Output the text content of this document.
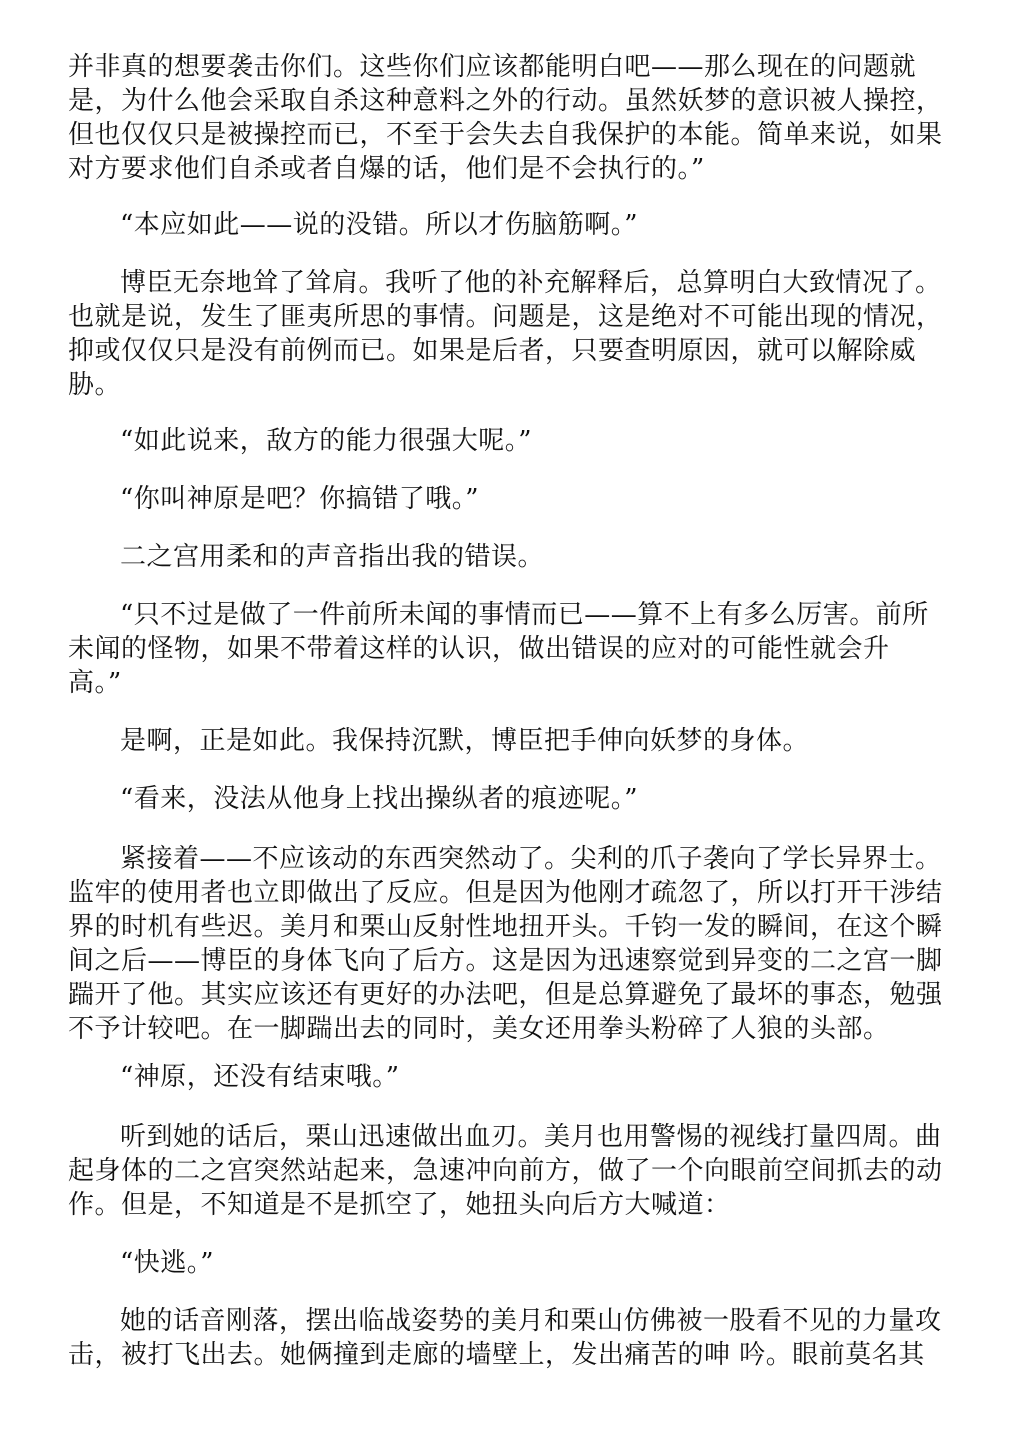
并非真的想要袭击你们。这些你们应该都能明白吧——那么现在的问题就
是，为什么他会采取自杀这种意料之外的行动。虽然妖梦的意识被人操控，
但也仅仅只是被操控而已，不至于会失去自我保护的本能。简单来说，如果
对方要求他们自杀或者自爆的话，他们是不会执行的。”
“本应如此——说的没错。所以才伤脑筋啊。”
博臣无奈地耸了耸肩。我听了他的补充解释后，总算明白大致情况了。
也就是说，发生了匪夷所思的事情。问题是，这是绝对不可能出现的情况，
抑或仅仅只是没有前例而已。如果是后者，只要查明原因，就可以解除威
胁。
“如此说来，敌方的能力很强大呢。”
“你叫神原是吧？你搞错了哦。”
二之宫用柔和的声音指出我的错误。
“只不过是做了一件前所未闻的事情而已——算不上有多么厉害。前所
未闻的怪物，如果不带着这样的认识，做出错误的应对的可能性就会升
高。”
是啊，正是如此。我保持沉默，博臣把手伸向妖梦的身体。
“看来，没法从他身上找出操纵者的痕迹呢。”
紧接着——不应该动的东西突然动了。尖利的爪子袭向了学长异界士。
监牢的使用者也立即做出了反应。但是因为他刚才疏忽了，所以打开干涉结
界的时机有些迟。美月和栗山反射性地扭开头。千钧一发的瞬间，在这个瞬
间之后——博臣的身体飞向了后方。这是因为迅速察觉到异变的二之宫一脚
踹开了他。其实应该还有更好的办法吧，但是总算避免了最坏的事态，勉强
不予计较吧。在一脚踹出去的同时，美女还用拳头粉碎了人狼的头部。
“神原，还没有结束哦。”
听到她的话后，栗山迅速做出血刃。美月也用警惕的视线打量四周。曲
起身体的二之宫突然站起来，急速冲向前方，做了一个向眼前空间抓去的动
作。但是，不知道是不是抓空了，她扭头向后方大喊道：
“快逃。”
她的话音刚落，摆出临战姿势的美月和栗山仿佛被一股看不见的力量攻
击，被打飞出去。她俩撞到走廊的墙壁上，发出痛苦的呻 吟。眼前莫名其
